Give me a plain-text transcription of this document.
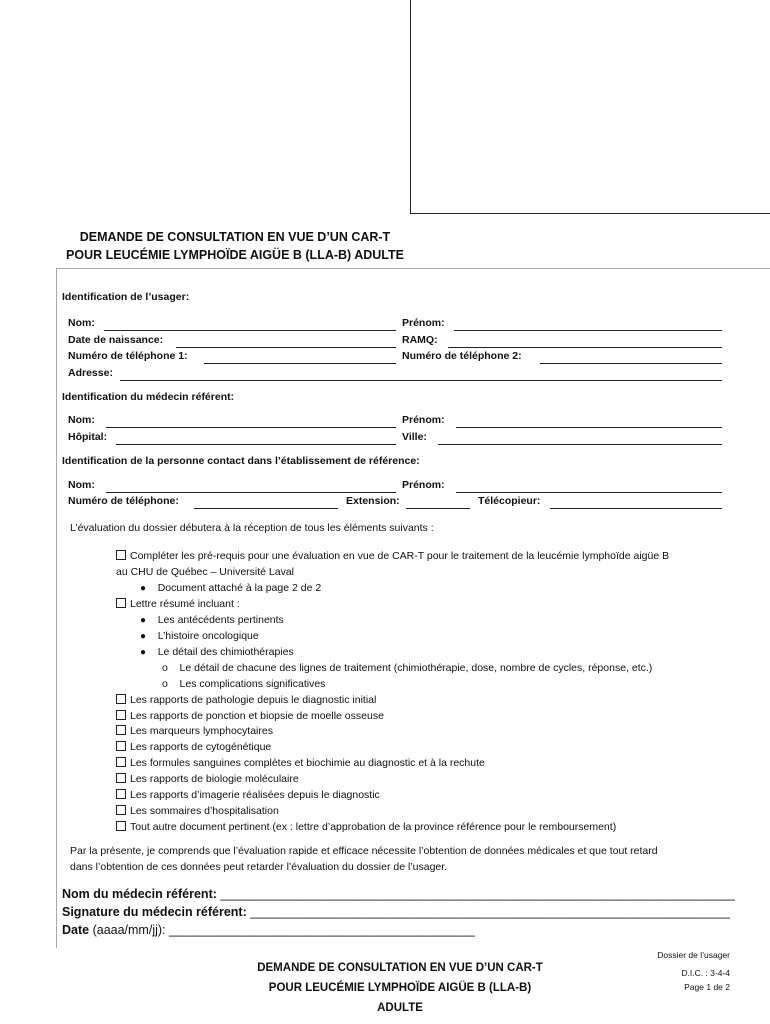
DEMANDE DE CONSULTATION EN VUE D’UN CAR-T
POUR LEUCÉMIE LYMPHOÏDE AIGÜE B (LLA-B) ADULTE
Identification de l’usager:
Nom:	Prénom:
Date de naissance:	RAMQ:
Numéro de téléphone 1:	Numéro de téléphone 2:
Adresse:
Identification du médecin référent:
Nom:	Prénom:
Hôpital:	Ville:
Identification de la personne contact dans l’établissement de référence:
Nom:	Prénom:
Numéro de téléphone:	Extension:	Télécopieur:
L’évaluation du dossier débutera à la réception de tous les éléments suivants :
Compléter les pré-requis pour une évaluation en vue de CAR-T pour le traitement de la leucémie lymphoïde aigüe B
au CHU de Québec – Université Laval
● Document attaché à la page 2 de 2
Lettre résumé incluant :
● Les antécédents pertinents
● L’histoire oncologique
● Le détail des chimiothérapies
o Le détail de chacune des lignes de traitement (chimiothérapie, dose, nombre de cycles, réponse, etc.)
o Les complications significatives
Les rapports de pathologie depuis le diagnostic initial
Les rapports de ponction et biopsie de moelle osseuse
Les marqueurs lymphocytaires
Les rapports de cytogénétique
Les formules sanguines complètes et biochimie au diagnostic et à la rechute
Les rapports de biologie moléculaire
Les rapports d’imagerie réalisées depuis le diagnostic
Les sommaires d’hospitalisation
Tout autre document pertinent (ex : lettre d’approbation de la province référence pour le remboursement)
Par la présente, je comprends que l’évaluation rapide et efficace nécessite l’obtention de données médicales et que tout retard
dans l’obtention de ces données peut retarder l’évaluation du dossier de l’usager.
Nom du médecin référent: __________________________________________________________________________
Signature du médecin référent: _____________________________________________________________________
Date (aaaa/mm/jj): ____________________________________________
DEMANDE DE CONSULTATION EN VUE D’UN CAR-T
POUR LEUCÉMIE LYMPHOÏDE AIGÜE B (LLA-B)
ADULTE
Dossier de l’usager
D.I.C. : 3-4-4
Page 1 de 2
